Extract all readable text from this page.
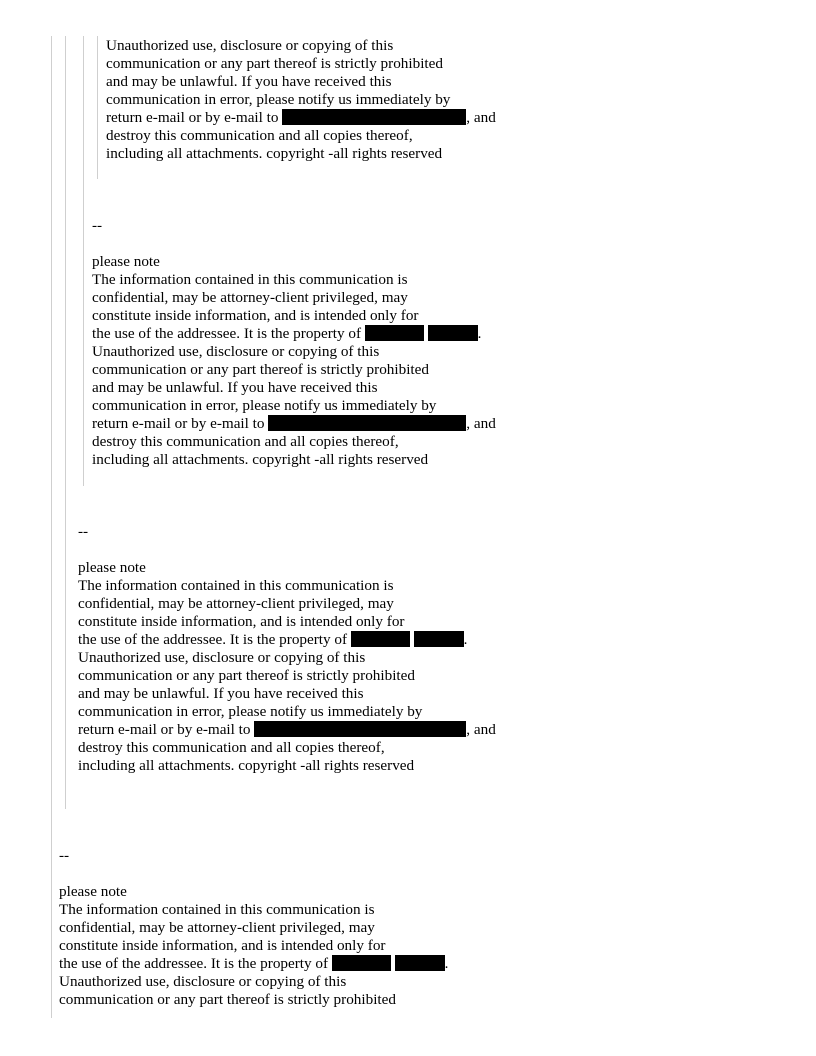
Unauthorized use, disclosure or copying of this
communication or any part thereof is strictly prohibited
and may be unlawful. If you have received this
communication in error, please notify us immediately by
return e-mail or by e-mail to	, and
destroy this communication and all copies thereof,
including all attachments. copyright -all rights reserved
--
please note
The information contained in this communication is
confidential, may be attorney-client privileged, may
constitute inside information, and is intended only for
the use of the addressee. It is the property of	.
Unauthorized use, disclosure or copying of this
communication or any part thereof is strictly prohibited
and may be unlawful. If you have received this
communication in error, please notify us immediately by
return e-mail or by e-mail to	, and
destroy this communication and all copies thereof,
including all attachments. copyright -all rights reserved
--
please note
The information contained in this communication is
confidential, may be attorney-client privileged, may
constitute inside information, and is intended only for
the use of the addressee. It is the property of	.
Unauthorized use, disclosure or copying of this
communication or any part thereof is strictly prohibited
and may be unlawful. If you have received this
communication in error, please notify us immediately by
return e-mail or by e-mail to	, and
destroy this communication and all copies thereof,
including all attachments. copyright -all rights reserved
--
please note
The information contained in this communication is
confidential, may be attorney-client privileged, may
constitute inside information, and is intended only for
the use of the addressee. It is the property of	.
Unauthorized use, disclosure or copying of this
communication or any part thereof is strictly prohibited
